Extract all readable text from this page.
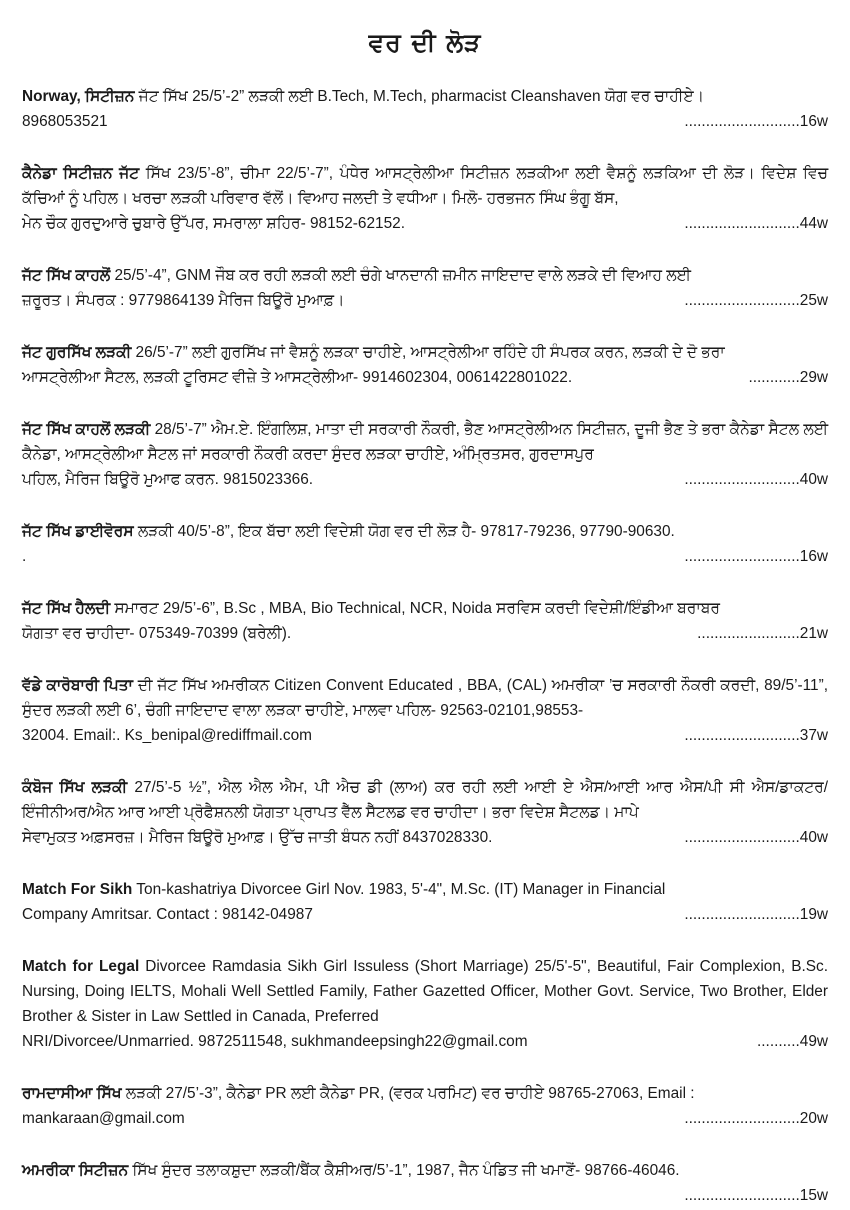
ਵਰ ਦੀ ਲੋੜ
Norway, ਸਿਟੀਜ਼ਨ ਜੱਟ ਸਿੱਖ 25/5’-2” ਲੜਕੀ ਲਈ B.Tech, M.Tech, pharmacist Cleanshaven ਯੋਗ ਵਰ ਚਾਹੀਏ।
8968053521	...........................16w
ਕੈਨੇਡਾ ਸਿਟੀਜ਼ਨ ਜੱਟ ਸਿੱਖ 23/5’-8”, ਚੀਮਾ 22/5’-7”, ਪੰਧੇਰ ਆਸਟ੍ਰੇਲੀਆ ਸਿਟੀਜ਼ਨ ਲੜਕੀਆ ਲਈ ਵੈਸ਼ਨੂੰ ਲੜਕਿਆ ਦੀ ਲੋੜ। ਵਿਦੇਸ਼ ਵਿਚ ਕੱਚਿਆਂ ਨੂੰ ਪਹਿਲ। ਖਰਚਾ ਲੜਕੀ ਪਰਿਵਾਰ ਵੱਲੋਂ। ਵਿਆਹ ਜਲਦੀ ਤੇ ਵਧੀਆ। ਮਿਲੋ- ਹਰਭਜਨ ਸਿੰਘ ਭੰਗੂ ਬੱਸ,
ਮੇਨ ਚੌਕ ਗੁਰਦੁਆਰੇ ਚੁਬਾਰੇ ਉੱਪਰ, ਸਮਰਾਲਾ ਸ਼ਹਿਰ- 98152-62152.	...........................44w
ਜੱਟ ਸਿੱਖ ਕਾਹਲੋਂ 25/5’-4”, GNM ਜੌਬ ਕਰ ਰਹੀ ਲੜਕੀ ਲਈ ਚੰਗੇ ਖਾਨਦਾਨੀ ਜ਼ਮੀਨ ਜਾਇਦਾਦ ਵਾਲੇ ਲੜਕੇ ਦੀ ਵਿਆਹ ਲਈ
ਜ਼ਰੂਰਤ। ਸੰਪਰਕ : 9779864139 ਮੈਰਿਜ ਬਿਊਰੋ ਮੁਆਫ਼।	...........................25w
ਜੱਟ ਗੁਰਸਿੱਖ ਲੜਕੀ 26/5’-7” ਲਈ ਗੁਰਸਿੱਖ ਜਾਂ ਵੈਸ਼ਨੂੰ ਲੜਕਾ ਚਾਹੀਏ, ਆਸਟ੍ਰੇਲੀਆ ਰਹਿੰਦੇ ਹੀ ਸੰਪਰਕ ਕਰਨ, ਲੜਕੀ ਦੇ ਦੋ ਭਰਾ
ਆਸਟ੍ਰੇਲੀਆ ਸੈਟਲ, ਲੜਕੀ ਟੂਰਿਸਟ ਵੀਜ਼ੇ ਤੇ ਆਸਟ੍ਰੇਲੀਆ- 9914602304, 0061422801022.	............29w
ਜੱਟ ਸਿੱਖ ਕਾਹਲੋਂ ਲੜਕੀ 28/5’-7” ਐਮ.ਏ. ਇੰਗਲਿਸ਼, ਮਾਤਾ ਦੀ ਸਰਕਾਰੀ ਨੌਕਰੀ, ਭੈਣ ਆਸਟ੍ਰੇਲੀਅਨ ਸਿਟੀਜ਼ਨ, ਦੂਜੀ ਭੈਣ ਤੇ ਭਰਾ ਕੈਨੇਡਾ ਸੈਟਲ ਲਈ ਕੈਨੇਡਾ, ਆਸਟ੍ਰੇਲੀਆ ਸੈਟਲ ਜਾਂ ਸਰਕਾਰੀ ਨੌਕਰੀ ਕਰਦਾ ਸੁੰਦਰ ਲੜਕਾ ਚਾਹੀਏ, ਅੰਮ੍ਰਿਤਸਰ, ਗੁਰਦਾਸਪੁਰ
ਪਹਿਲ, ਮੈਰਿਜ ਬਿਊਰੋ ਮੁਆਫ ਕਰਨ. 9815023366.	...........................40w
ਜੱਟ ਸਿੱਖ ਡਾਈਵੋਰਸ ਲੜਕੀ 40/5’-8”, ਇਕ ਬੱਚਾ ਲਈ ਵਿਦੇਸ਼ੀ ਯੋਗ ਵਰ ਦੀ ਲੋੜ ਹੈ- 97817-79236, 97790-90630.
.	...........................16w
ਜੱਟ ਸਿੱਖ ਹੈਲਦੀ ਸਮਾਰਟ 29/5’-6”, B.Sc , MBA, Bio Technical, NCR, Noida ਸਰਵਿਸ ਕਰਦੀ ਵਿਦੇਸ਼ੀ/ਇੰਡੀਆ ਬਰਾਬਰ
ਯੋਗਤਾ ਵਰ ਚਾਹੀਦਾ- 075349-70399 (ਬਰੇਲੀ).	........................21w
ਵੱਡੇ ਕਾਰੋਬਾਰੀ ਪਿਤਾ ਦੀ ਜੱਟ ਸਿੱਖ ਅਮਰੀਕਨ Citizen Convent Educated , BBA, (CAL) ਅਮਰੀਕਾ ’ਚ ਸਰਕਾਰੀ ਨੌਕਰੀ ਕਰਦੀ, 89/5’-11”, ਸੁੰਦਰ ਲੜਕੀ ਲਈ 6’, ਚੰਗੀ ਜਾਇਦਾਦ ਵਾਲਾ ਲੜਕਾ ਚਾਹੀਏ, ਮਾਲਵਾ ਪਹਿਲ- 92563-02101,98553-
32004. Email:. Ks_benipal@rediffmail.com	...........................37w
ਕੰਬੋਜ ਸਿੱਖ ਲੜਕੀ 27/5’-5 ½”, ਐਲ ਐਲ ਐਮ, ਪੀ ਐਚ ਡੀ (ਲਾਅ) ਕਰ ਰਹੀ ਲਈ ਆਈ ਏ ਐਸ/ਆਈ ਆਰ ਐਸ/ਪੀ ਸੀ ਐਸ/ਡਾਕਟਰ/ਇੰਜੀਨੀਅਰ/ਐਨ ਆਰ ਆਈ ਪ੍ਰੋਫੈਸ਼ਨਲੀ ਯੋਗਤਾ ਪ੍ਰਾਪਤ ਵੈੱਲ ਸੈੱਟਲਡ ਵਰ ਚਾਹੀਦਾ। ਭਰਾ ਵਿਦੇਸ਼ ਸੈਟਲਡ। ਮਾਪੇ
ਸੇਵਾਮੁਕਤ ਅਫ਼ਸਰਜ਼। ਮੈਰਿਜ ਬਿਊਰੋ ਮੁਆਫ਼। ਉੱਚ ਜਾਤੀ ਬੰਧਨ ਨਹੀਂ 8437028330.	...........................40w
Match For Sikh Ton-kashatriya Divorcee Girl Nov. 1983, 5'-4", M.Sc. (IT) Manager in Financial
Company Amritsar. Contact : 98142-04987	...........................19w
Match for Legal Divorcee Ramdasia Sikh Girl Issuless (Short Marriage) 25/5'-5", Beautiful, Fair Complexion, B.Sc. Nursing, Doing IELTS, Mohali Well Settled Family, Father Gazetted Officer, Mother Govt. Service, Two Brother, Elder Brother & Sister in Law Settled in Canada, Preferred
NRI/Divorcee/Unmarried. 9872511548, sukhmandeepsingh22@gmail.com	..........49w
ਰਾਮਦਾਸੀਆ ਸਿੱਖ ਲੜਕੀ 27/5’-3”, ਕੈਨੇਡਾ PR ਲਈ ਕੈਨੇਡਾ PR, (ਵਰਕ ਪਰਮਿਟ) ਵਰ ਚਾਹੀਏ 98765-27063, Email :
mankaraan@gmail.com	...........................20w
ਅਮਰੀਕਾ ਸਿਟੀਜ਼ਨ ਸਿੱਖ ਸੁੰਦਰ ਤਲਾਕਸ਼ੁਦਾ ਲੜਕੀ/ਬੈਂਕ ਕੈਸ਼ੀਅਰ/5’-1”, 1987, ਜੈਨ ਪੰਡਿਤ ਜੀ ਖਮਾਣੋਂ- 98766-46046.
...........................15w
